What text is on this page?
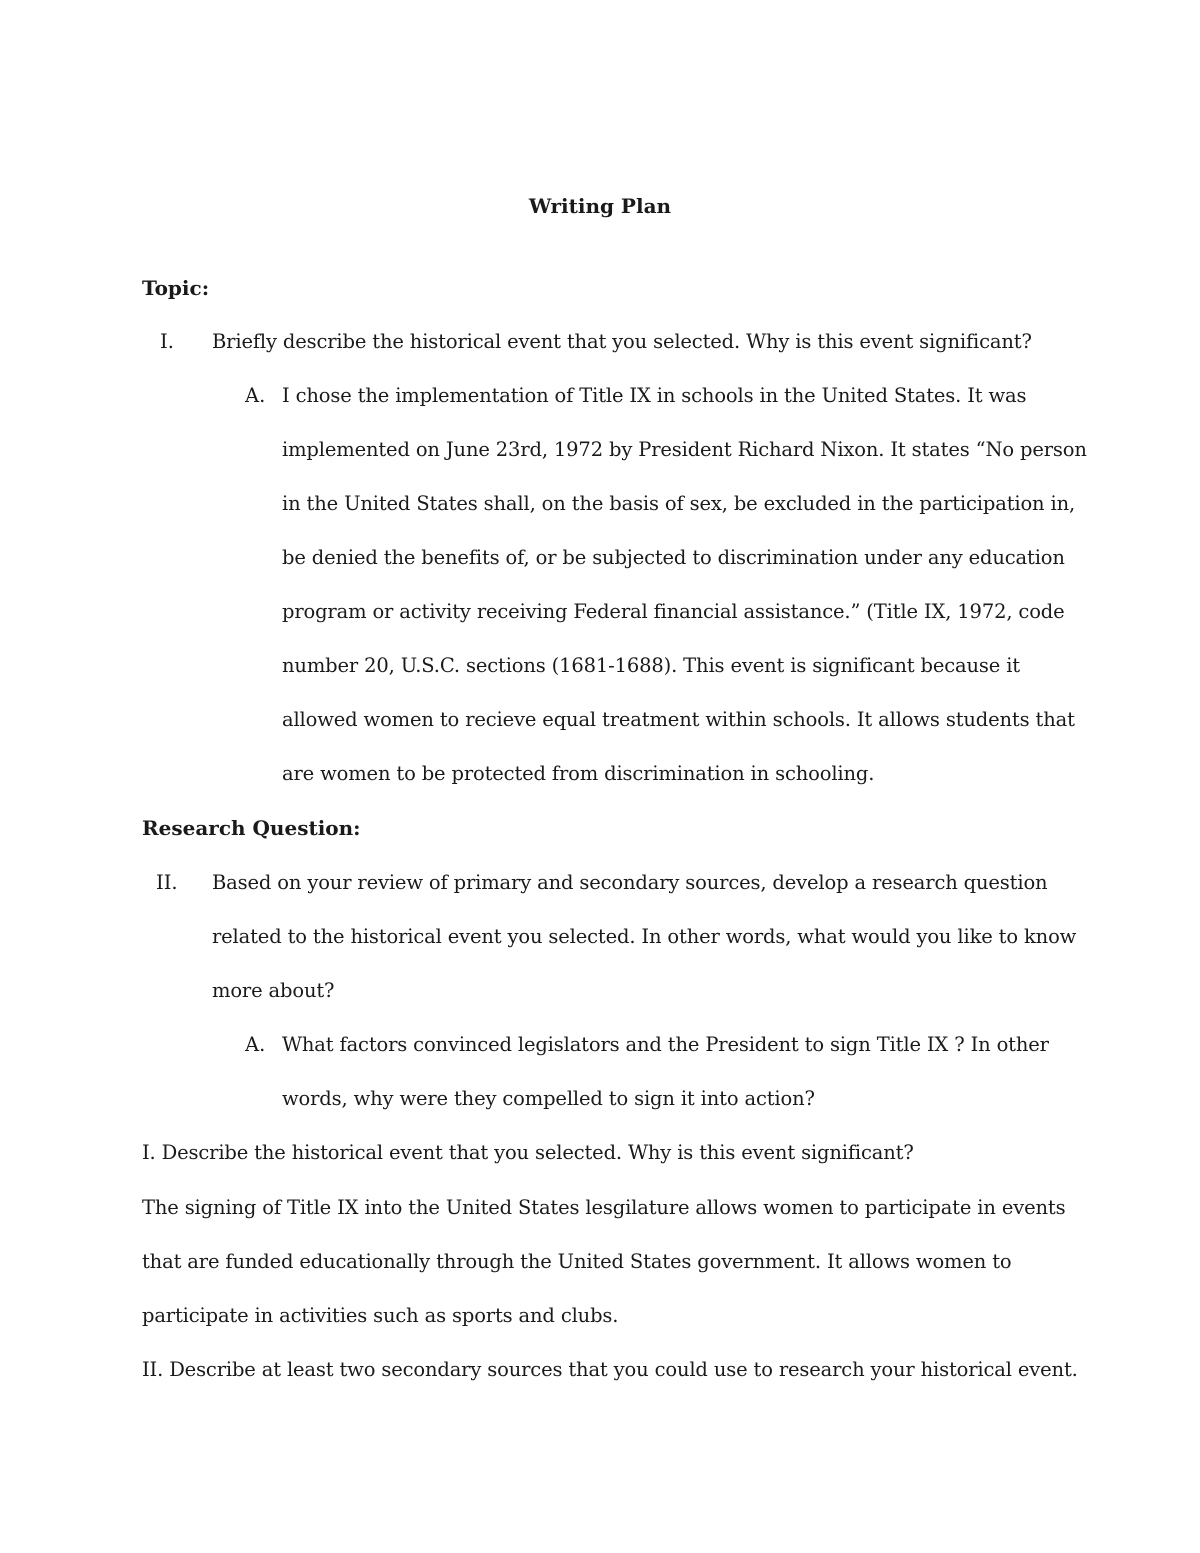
Writing Plan
Topic:
I. Briefly describe the historical event that you selected. Why is this event significant?
A. I chose the implementation of Title IX in schools in the United States. It was
implemented on June 23rd, 1972 by President Richard Nixon. It states “No person
in the United States shall, on the basis of sex, be excluded in the participation in,
be denied the benefits of, or be subjected to discrimination under any education
program or activity receiving Federal financial assistance.” (Title IX, 1972, code
number 20, U.S.C. sections (1681-1688). This event is significant because it
allowed women to recieve equal treatment within schools. It allows students that
are women to be protected from discrimination in schooling.
Research Question:
II. Based on your review of primary and secondary sources, develop a research question
related to the historical event you selected. In other words, what would you like to know
more about?
A. What factors convinced legislators and the President to sign Title IX ? In other
words, why were they compelled to sign it into action?
I. Describe the historical event that you selected. Why is this event significant?
The signing of Title IX into the United States lesgilature allows women to participate in events
that are funded educationally through the United States government. It allows women to
participate in activities such as sports and clubs.
II. Describe at least two secondary sources that you could use to research your historical event.
